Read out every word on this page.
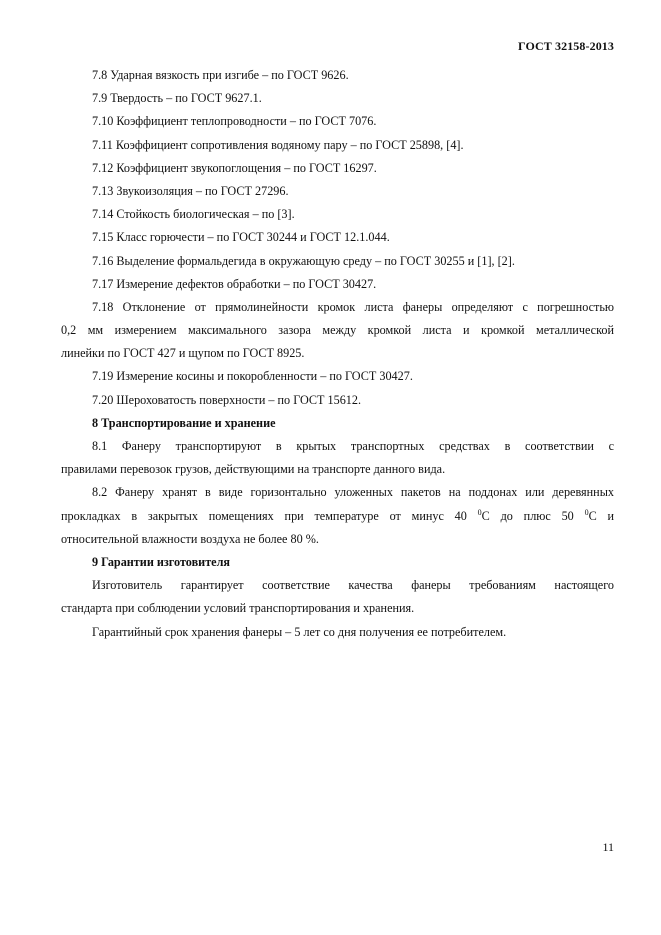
ГОСТ 32158-2013
7.8 Ударная вязкость при изгибе – по ГОСТ 9626.
7.9 Твердость – по ГОСТ 9627.1.
7.10 Коэффициент теплопроводности – по ГОСТ 7076.
7.11 Коэффициент сопротивления водяному пару – по ГОСТ 25898, [4].
7.12 Коэффициент звукопоглощения – по ГОСТ 16297.
7.13 Звукоизоляция – по ГОСТ 27296.
7.14 Стойкость биологическая – по [3].
7.15 Класс горючести – по ГОСТ 30244 и ГОСТ 12.1.044.
7.16 Выделение формальдегида в окружающую среду – по ГОСТ 30255 и [1], [2].
7.17 Измерение дефектов обработки – по ГОСТ 30427.
7.18 Отклонение от прямолинейности кромок листа фанеры определяют с погрешностью
0,2 мм измерением максимального зазора между кромкой листа и кромкой металлической
линейки по ГОСТ 427 и щупом по ГОСТ 8925.
7.19 Измерение косины и покоробленности – по ГОСТ 30427.
7.20 Шероховатость поверхности – по ГОСТ 15612.
8 Транспортирование и хранение
8.1 Фанеру транспортируют в крытых транспортных средствах в соответствии с
правилами перевозок грузов, действующими на транспорте данного вида.
8.2 Фанеру хранят в виде горизонтально уложенных пакетов на поддонах или деревянных
прокладках в закрытых помещениях при температуре от минус 40 $^0$С до плюс 50 $^0$С и
относительной влажности воздуха не более 80 %.
9 Гарантии изготовителя
Изготовитель гарантирует соответствие качества фанеры требованиям настоящего
стандарта при соблюдении условий транспортирования и хранения.
Гарантийный срок хранения фанеры – 5 лет со дня получения ее потребителем.
11
